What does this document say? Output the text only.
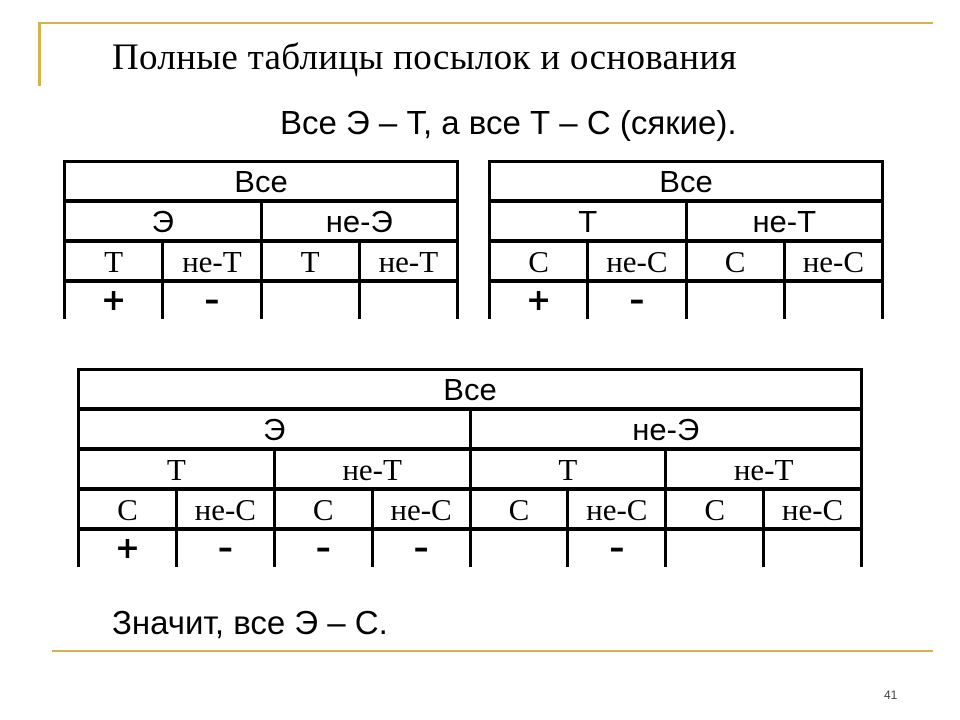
Полные таблицы посылок и основания
Все Э – Т, а все Т – С (сякие).
Все			
Э		не-Э	
Т	не-Т	Т	не-Т
+	–		
Все			
Т		не-Т	
С	не-С	С	не-С
+	–		
Все							
Э				не-Э			
Т		не-Т		Т		не-Т	
С	не-С	С	не-С	С	не-С	С	не-С
+	–	–	–		–		
Значит, все Э – С.
41
